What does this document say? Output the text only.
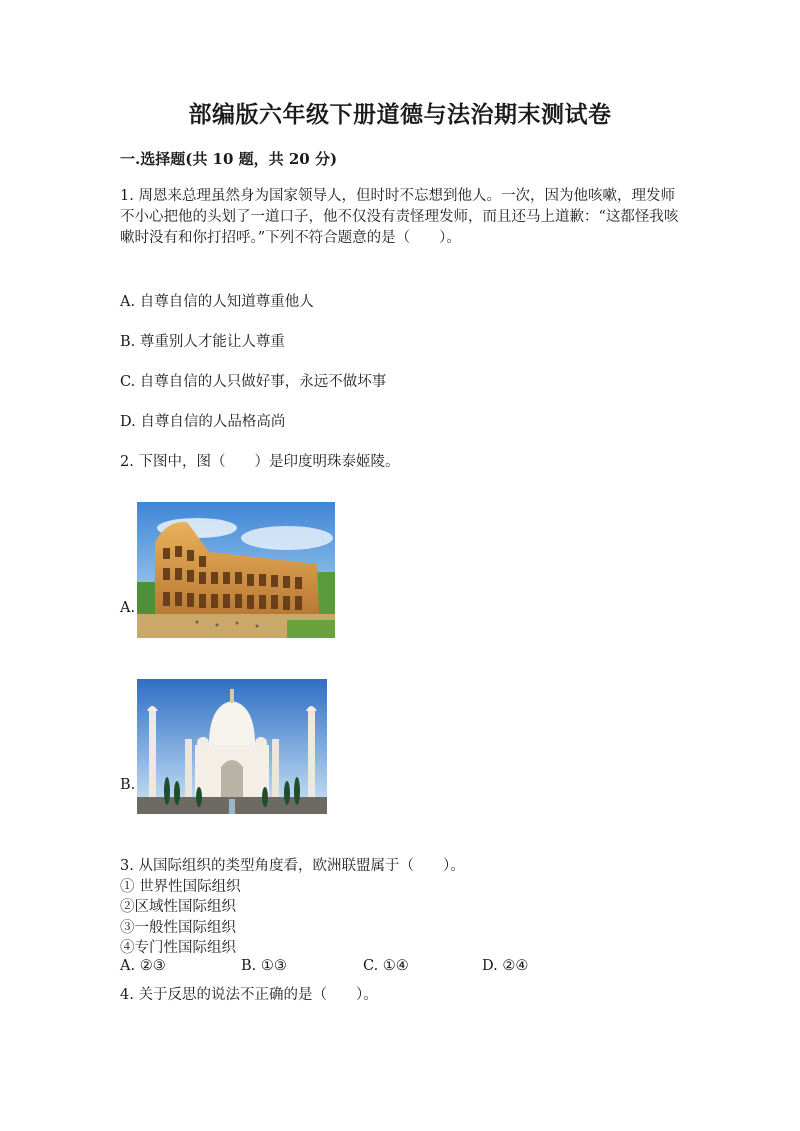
部编版六年级下册道德与法治期末测试卷
一.选择题(共 10 题，共 20 分)
1. 周恩来总理虽然身为国家领导人，但时时不忘想到他人。一次，因为他咳嗽，理发师不小心把他的头划了一道口子，他不仅没有责怪理发师，而且还马上道歉：“这都怪我咳嗽时没有和你打招呼。”下列不符合题意的是（　　）。
A. 自尊自信的人知道尊重他人
B. 尊重别人才能让人尊重
C. 自尊自信的人只做好事，永远不做坏事
D. 自尊自信的人品格高尚
2. 下图中，图（　　）是印度明珠泰姬陵。
A.
B.
3. 从国际组织的类型角度看，欧洲联盟属于（　　）。
① 世界性国际组织
②区域性国际组织
③一般性国际组织
④专门性国际组织
A. ②③	B. ①③	C. ①④	D. ②④
4. 关于反思的说法不正确的是（　　）。
